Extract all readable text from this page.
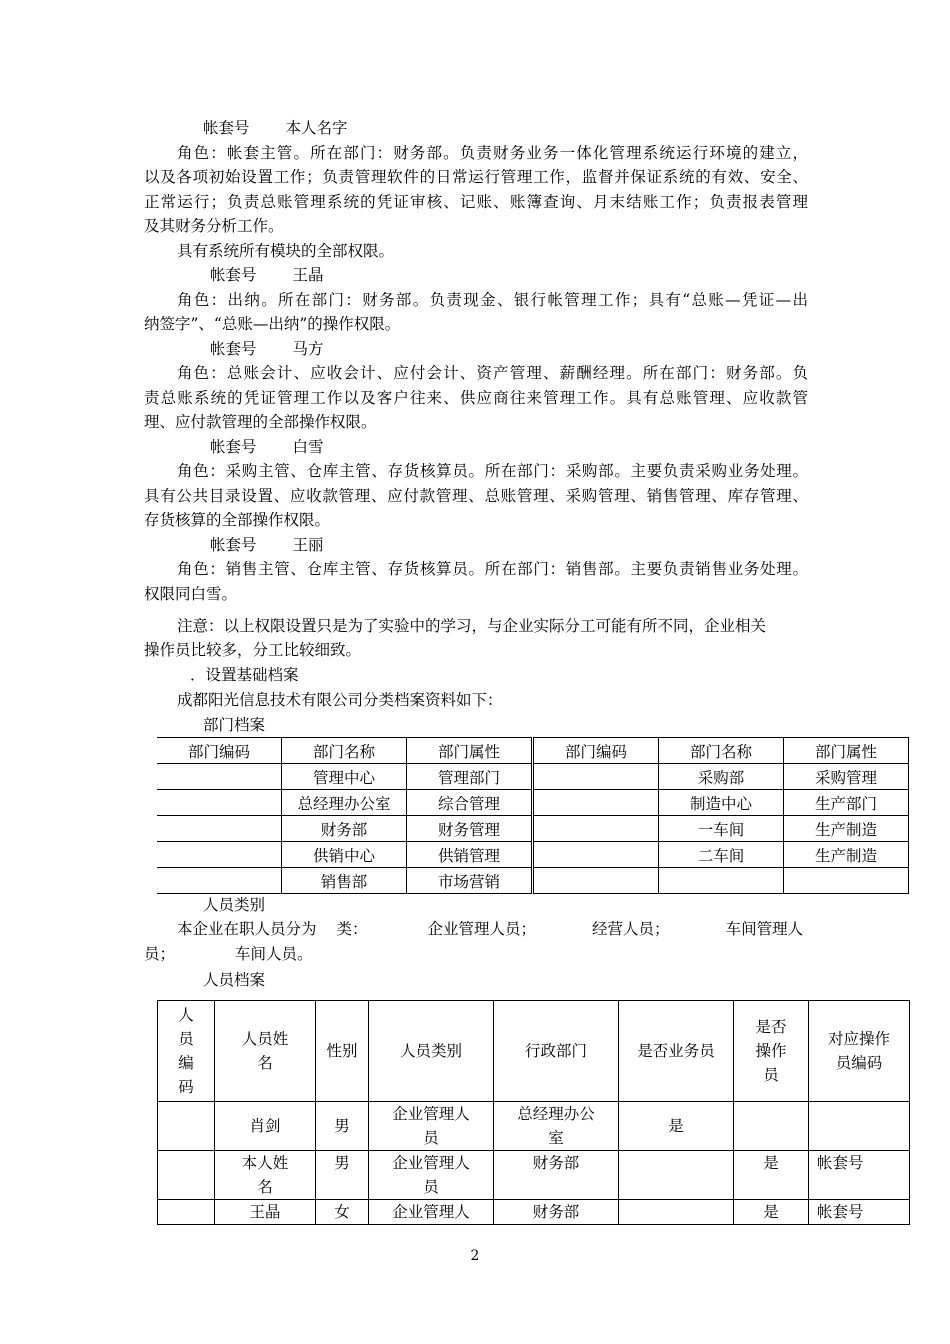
帐套号 本人名字
角色：帐套主管。所在部门：财务部。负责财务业务一体化管理系统运行环境的建立，
以及各项初始设置工作；负责管理软件的日常运行管理工作，监督并保证系统的有效、安全、
正常运行；负责总账管理系统的凭证审核、记账、账簿查询、月末结账工作；负责报表管理
及其财务分析工作。
具有系统所有模块的全部权限。
帐套号 王晶
角色：出纳。所在部门：财务部。负责现金、银行帐管理工作；具有“总账—凭证—出
纳签字”、“总账—出纳”的操作权限。
帐套号 马方
角色：总账会计、应收会计、应付会计、资产管理、薪酬经理。所在部门：财务部。负
责总账系统的凭证管理工作以及客户往来、供应商往来管理工作。具有总账管理、应收款管
理、应付款管理的全部操作权限。
帐套号 白雪
角色：采购主管、仓库主管、存货核算员。所在部门：采购部。主要负责采购业务处理。
具有公共目录设置、应收款管理、应付款管理、总账管理、采购管理、销售管理、库存管理、
存货核算的全部操作权限。
帐套号 王丽
角色：销售主管、仓库主管、存货核算员。所在部门：销售部。主要负责销售业务处理。
权限同白雪。
注意：以上权限设置只是为了实验中的学习，与企业实际分工可能有所不同，企业相关
操作员比较多，分工比较细致。
．设置基础档案
成都阳光信息技术有限公司分类档案资料如下：
部门档案
部门编码	部门名称	部门属性	部门编码	部门名称	部门属性
	管理中心	管理部门		采购部	采购管理
	总经理办公室	综合管理		制造中心	生产部门
	财务部	财务管理		一车间	生产制造
	供销中心	供销管理		二车间	生产制造
	销售部	市场营销			
人员类别
本企业在职人员分为 类：	企业管理人员；	经营人员；	车间管理人
员；	车间人员。
人员档案
人
员
编
码	人员姓
名	性别	人员类别	行政部门	是否业务员	是否
操作
员	对应操作
员编码
	肖剑	男	企业管理人
员	总经理办公
室	是		
	本人姓
名	男	企业管理人
员	财务部		是	帐套号
	王晶	女	企业管理人	财务部		是	帐套号
2
